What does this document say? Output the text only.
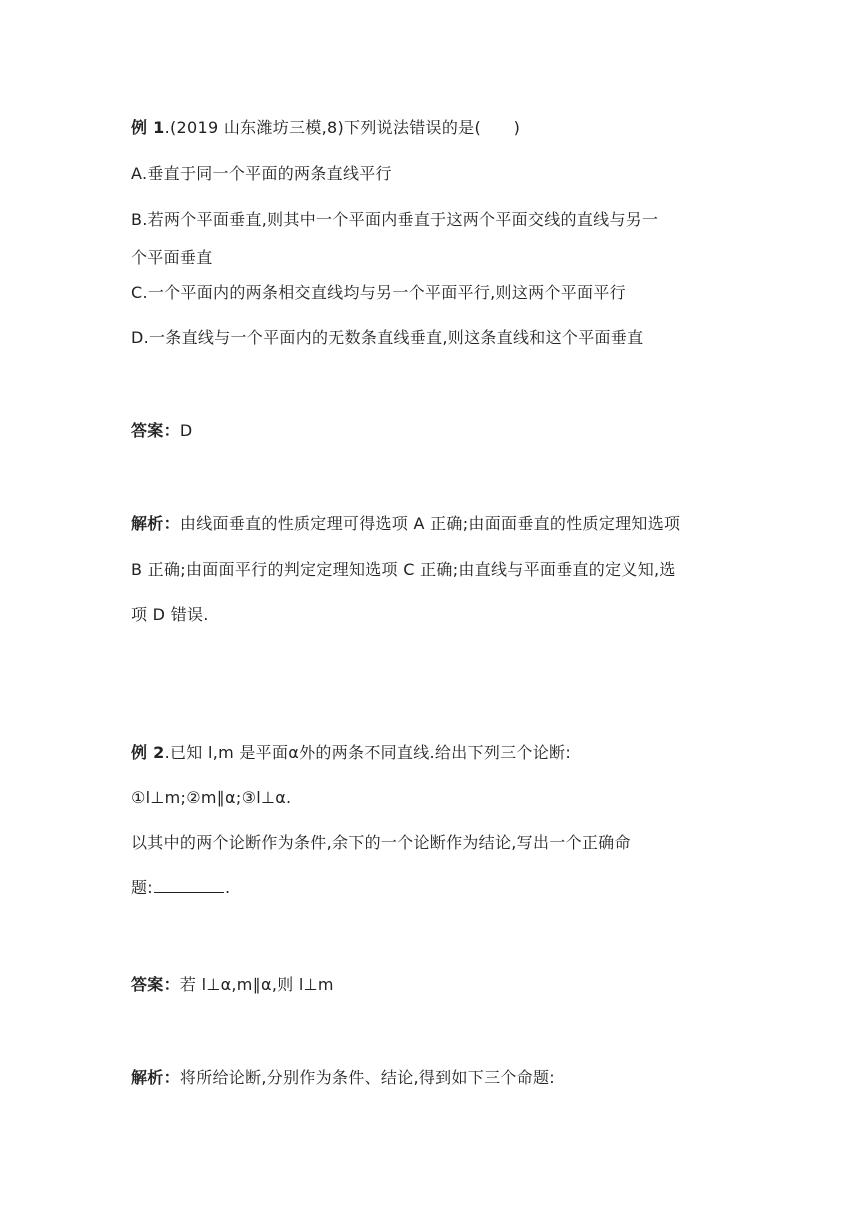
例 1.(2019 山东潍坊三模,8)下列说法错误的是(　　)

A.垂直于同一个平面的两条直线平行

B.若两个平面垂直,则其中一个平面内垂直于这两个平面交线的直线与另一

个平面垂直

C.一个平面内的两条相交直线均与另一个平面平行,则这两个平面平行

D.一条直线与一个平面内的无数条直线垂直,则这条直线和这个平面垂直

答案：D

解析：由线面垂直的性质定理可得选项 A 正确;由面面垂直的性质定理知选项

B 正确;由面面平行的判定定理知选项 C 正确;由直线与平面垂直的定义知,选

项 D 错误.

例 2.已知 l,m 是平面α外的两条不同直线.给出下列三个论断:

①l⊥m;②m∥α;③l⊥α.

以其中的两个论断作为条件,余下的一个论断作为结论,写出一个正确命

题:	.

答案：若 l⊥α,m∥α,则 l⊥m

解析：将所给论断,分别作为条件、结论,得到如下三个命题:
